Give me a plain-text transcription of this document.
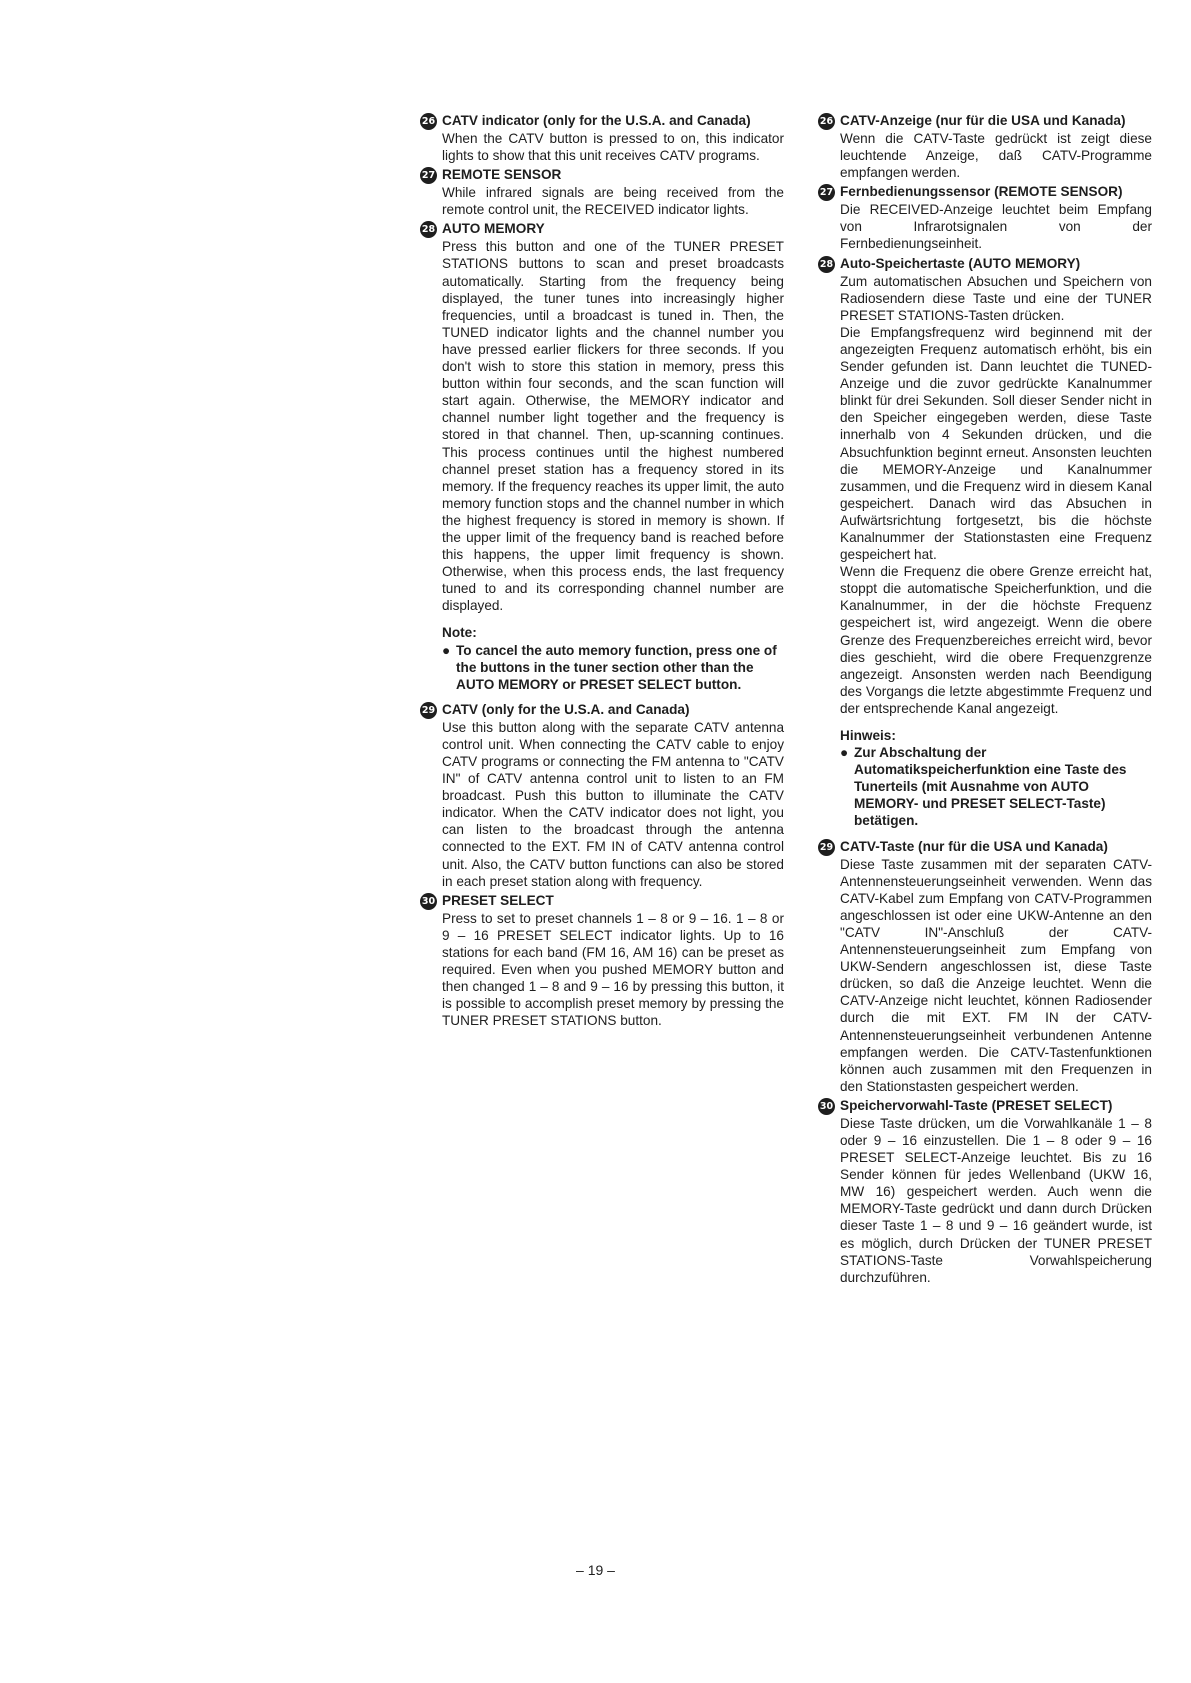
26 CATV indicator (only for the U.S.A. and Canada)
When the CATV button is pressed to on, this indicator lights to show that this unit receives CATV programs.
27 REMOTE SENSOR
While infrared signals are being received from the remote control unit, the RECEIVED indicator lights.
28 AUTO MEMORY
Press this button and one of the TUNER PRESET STATIONS buttons to scan and preset broadcasts automatically. Starting from the frequency being displayed, the tuner tunes into increasingly higher frequencies, until a broadcast is tuned in. Then, the TUNED indicator lights and the channel number you have pressed earlier flickers for three seconds. If you don't wish to store this station in memory, press this button within four seconds, and the scan function will start again. Otherwise, the MEMORY indicator and channel number light together and the frequency is stored in that channel. Then, up-scanning continues. This process continues until the highest numbered channel preset station has a frequency stored in its memory. If the frequency reaches its upper limit, the auto memory function stops and the channel number in which the highest frequency is stored in memory is shown. If the upper limit of the frequency band is reached before this happens, the upper limit frequency is shown. Otherwise, when this process ends, the last frequency tuned to and its corresponding channel number are displayed.
Note:
● To cancel the auto memory function, press one of the buttons in the tuner section other than the AUTO MEMORY or PRESET SELECT button.
29 CATV (only for the U.S.A. and Canada)
Use this button along with the separate CATV antenna control unit. When connecting the CATV cable to enjoy CATV programs or connecting the FM antenna to "CATV IN" of CATV antenna control unit to listen to an FM broadcast. Push this button to illuminate the CATV indicator. When the CATV indicator does not light, you can listen to the broadcast through the antenna connected to the EXT. FM IN of CATV antenna control unit. Also, the CATV button functions can also be stored in each preset station along with frequency.
30 PRESET SELECT
Press to set to preset channels 1 – 8 or 9 – 16. 1 – 8 or 9 – 16 PRESET SELECT indicator lights. Up to 16 stations for each band (FM 16, AM 16) can be preset as required. Even when you pushed MEMORY button and then changed 1 – 8 and 9 – 16 by pressing this button, it is possible to accomplish preset memory by pressing the TUNER PRESET STATIONS button.
26 CATV-Anzeige (nur für die USA und Kanada)
Wenn die CATV-Taste gedrückt ist zeigt diese leuchtende Anzeige, daß CATV-Programme empfangen werden.
27 Fernbedienungssensor (REMOTE SENSOR)
Die RECEIVED-Anzeige leuchtet beim Empfang von Infrarotsignalen von der Fernbedienungseinheit.
28 Auto-Speichertaste (AUTO MEMORY)
Zum automatischen Absuchen und Speichern von Radiosendern diese Taste und eine der TUNER PRESET STATIONS-Tasten drücken.
Die Empfangsfrequenz wird beginnend mit der angezeigten Frequenz automatisch erhöht, bis ein Sender gefunden ist. Dann leuchtet die TUNED-Anzeige und die zuvor gedrückte Kanalnummer blinkt für drei Sekunden. Soll dieser Sender nicht in den Speicher eingegeben werden, diese Taste innerhalb von 4 Sekunden drücken, und die Absuchfunktion beginnt erneut. Ansonsten leuchten die MEMORY-Anzeige und Kanalnummer zusammen, und die Frequenz wird in diesem Kanal gespeichert. Danach wird das Absuchen in Aufwärtsrichtung fortgesetzt, bis die höchste Kanalnummer der Stationstasten eine Frequenz gespeichert hat.
Wenn die Frequenz die obere Grenze erreicht hat, stoppt die automatische Speicherfunktion, und die Kanalnummer, in der die höchste Frequenz gespeichert ist, wird angezeigt. Wenn die obere Grenze des Frequenzbereiches erreicht wird, bevor dies geschieht, wird die obere Frequenzgrenze angezeigt. Ansonsten werden nach Beendigung des Vorgangs die letzte abgestimmte Frequenz und der entsprechende Kanal angezeigt.
Hinweis:
● Zur Abschaltung der Automatikspeicherfunktion eine Taste des Tunerteils (mit Ausnahme von AUTO MEMORY- und PRESET SELECT-Taste) betätigen.
29 CATV-Taste (nur für die USA und Kanada)
Diese Taste zusammen mit der separaten CATV-Antennensteuerungseinheit verwenden. Wenn das CATV-Kabel zum Empfang von CATV-Programmen angeschlossen ist oder eine UKW-Antenne an den "CATV IN"-Anschluß der CATV-Antennensteuerungseinheit zum Empfang von UKW-Sendern angeschlossen ist, diese Taste drücken, so daß die Anzeige leuchtet. Wenn die CATV-Anzeige nicht leuchtet, können Radiosender durch die mit EXT. FM IN der CATV-Antennensteuerungseinheit verbundenen Antenne empfangen werden. Die CATV-Tastenfunktionen können auch zusammen mit den Frequenzen in den Stationstasten gespeichert werden.
30 Speichervorwahl-Taste (PRESET SELECT)
Diese Taste drücken, um die Vorwahlkanäle 1 – 8 oder 9 – 16 einzustellen. Die 1 – 8 oder 9 – 16 PRESET SELECT-Anzeige leuchtet. Bis zu 16 Sender können für jedes Wellenband (UKW 16, MW 16) gespeichert werden. Auch wenn die MEMORY-Taste gedrückt und dann durch Drücken dieser Taste 1 – 8 und 9 – 16 geändert wurde, ist es möglich, durch Drücken der TUNER PRESET STATIONS-Taste Vorwahlspeicherung durchzuführen.
– 19 –
